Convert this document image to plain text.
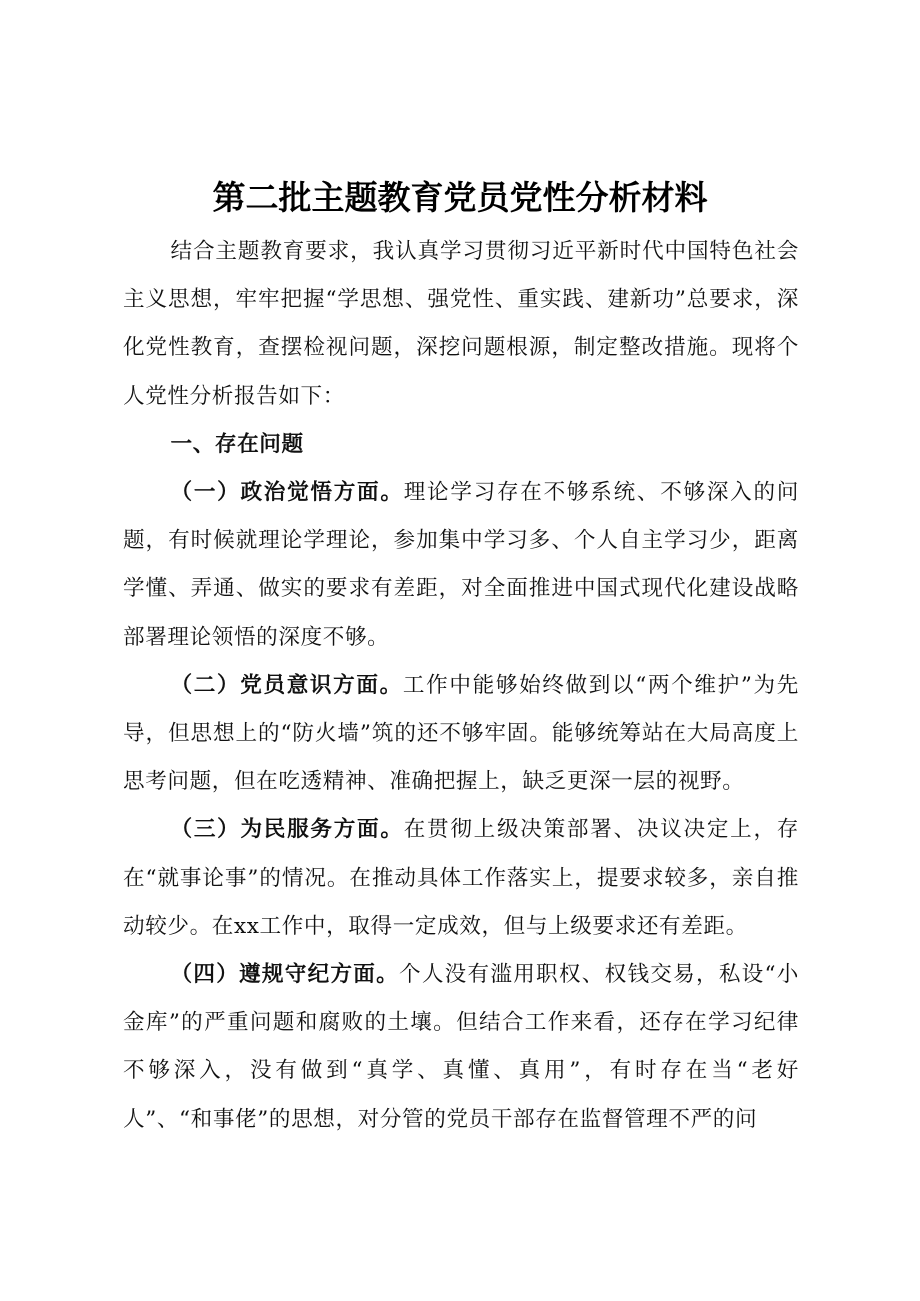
第二批主题教育党员党性分析材料

结合主题教育要求，我认真学习贯彻习近平新时代中国特色社会主义思想，牢牢把握“学思想、强党性、重实践、建新功”总要求，深化党性教育，查摆检视问题，深挖问题根源，制定整改措施。现将个人党性分析报告如下：

一、存在问题

（一）政治觉悟方面。理论学习存在不够系统、不够深入的问题，有时候就理论学理论，参加集中学习多、个人自主学习少，距离学懂、弄通、做实的要求有差距，对全面推进中国式现代化建设战略部署理论领悟的深度不够。

（二）党员意识方面。工作中能够始终做到以“两个维护”为先导，但思想上的“防火墙”筑的还不够牢固。能够统筹站在大局高度上思考问题，但在吃透精神、准确把握上，缺乏更深一层的视野。

（三）为民服务方面。在贯彻上级决策部署、决议决定上，存在“就事论事”的情况。在推动具体工作落实上，提要求较多，亲自推动较少。在xx工作中，取得一定成效，但与上级要求还有差距。

（四）遵规守纪方面。个人没有滥用职权、权钱交易，私设“小金库”的严重问题和腐败的土壤。但结合工作来看，还存在学习纪律不够深入，没有做到“真学、真懂、真用”，有时存在当“老好人”、“和事佬”的思想，对分管的党员干部存在监督管理不严的问
